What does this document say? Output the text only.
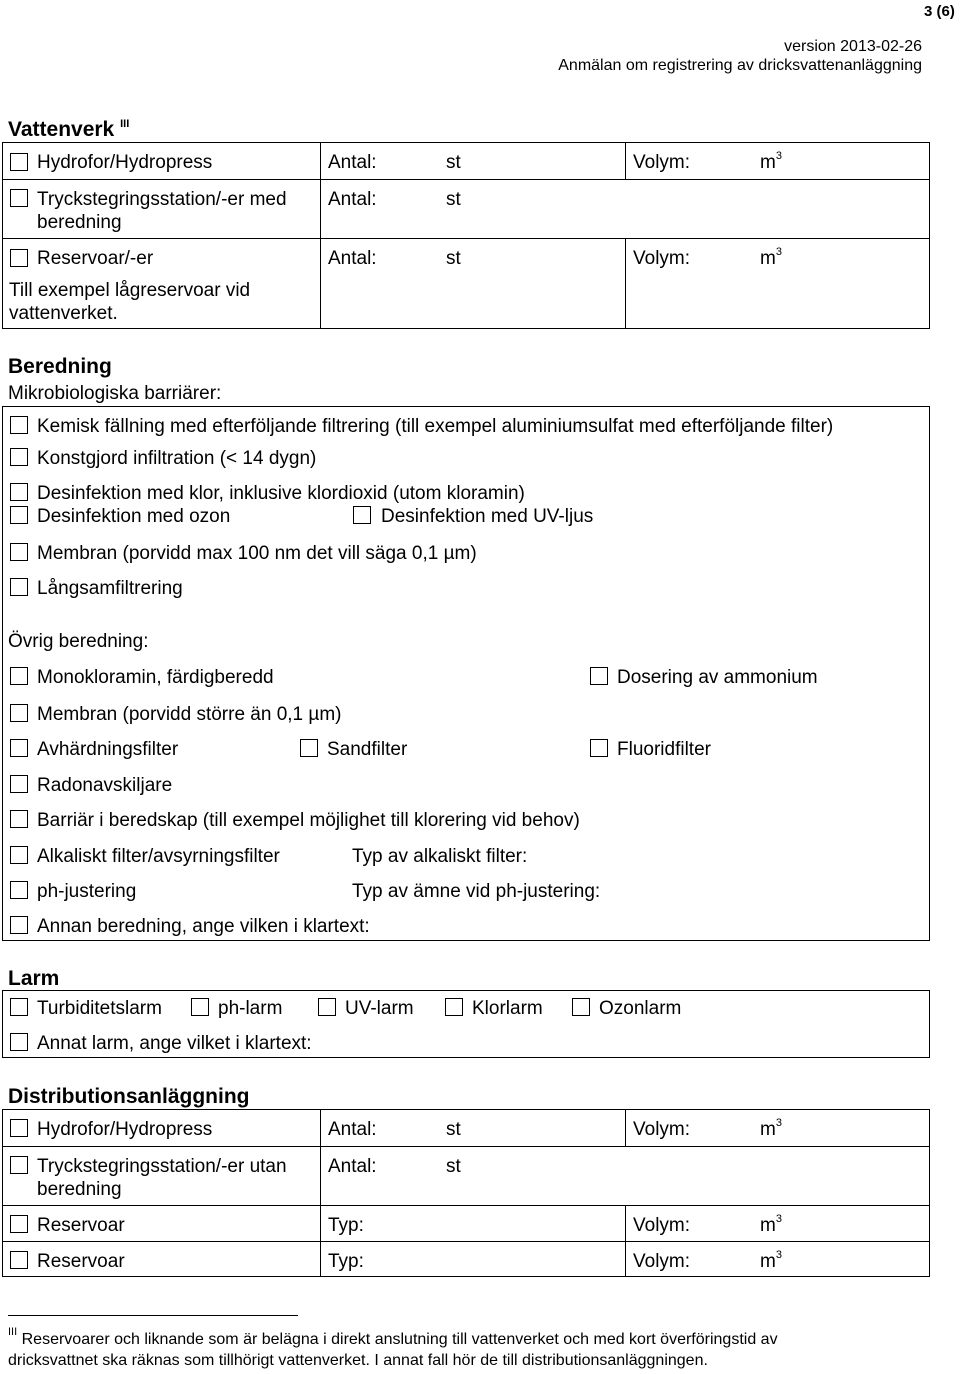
3 (6)
version 2013-02-26
Anmälan om registrering av dricksvattenanläggning
Vattenverk $^{III}$
Hydrofor/Hydropress	Antal:	st	Volym:	$m^3$
Tryckstegringsstation/-er med
beredning
Antal:	st
Reservoar/-er
Till exempel lågreservoar vid
vattenverket.
Antal:	st	Volym:	$m^3$
Beredning
Mikrobiologiska barriärer:
Kemisk fällning med efterföljande filtrering (till exempel aluminiumsulfat med efterföljande filter)
Konstgjord infiltration (< 14 dygn)
Desinfektion med klor, inklusive klordioxid (utom kloramin)
Desinfektion med ozon	Desinfektion med UV-ljus
Membran (porvidd max 100 nm det vill säga 0,1 µm)
Långsamfiltrering
Övrig beredning:
Monokloramin, färdigberedd	Dosering av ammonium
Membran (porvidd större än 0,1 µm)
Avhärdningsfilter	Sandfilter	Fluoridfilter
Radonavskiljare
Barriär i beredskap (till exempel möjlighet till klorering vid behov)
Alkaliskt filter/avsyrningsfilter	Typ av alkaliskt filter:
ph-justering	Typ av ämne vid ph-justering:
Annan beredning, ange vilken i klartext:
Larm
Turbiditetslarm	ph-larm	UV-larm	Klorlarm	Ozonlarm
Annat larm, ange vilket i klartext:
Distributionsanläggning
Hydrofor/Hydropress	Antal:	st	Volym:	$m^3$
Tryckstegringsstation/-er utan
beredning
Antal:	st
Reservoar	Typ:	Volym:	$m^3$
Reservoar	Typ:	Volym:	$m^3$
$^{III}$ Reservoarer och liknande som är belägna i direkt anslutning till vattenverket och med kort överföringstid av
dricksvattnet ska räknas som tillhörigt vattenverket. I annat fall hör de till distributionsanläggningen.
